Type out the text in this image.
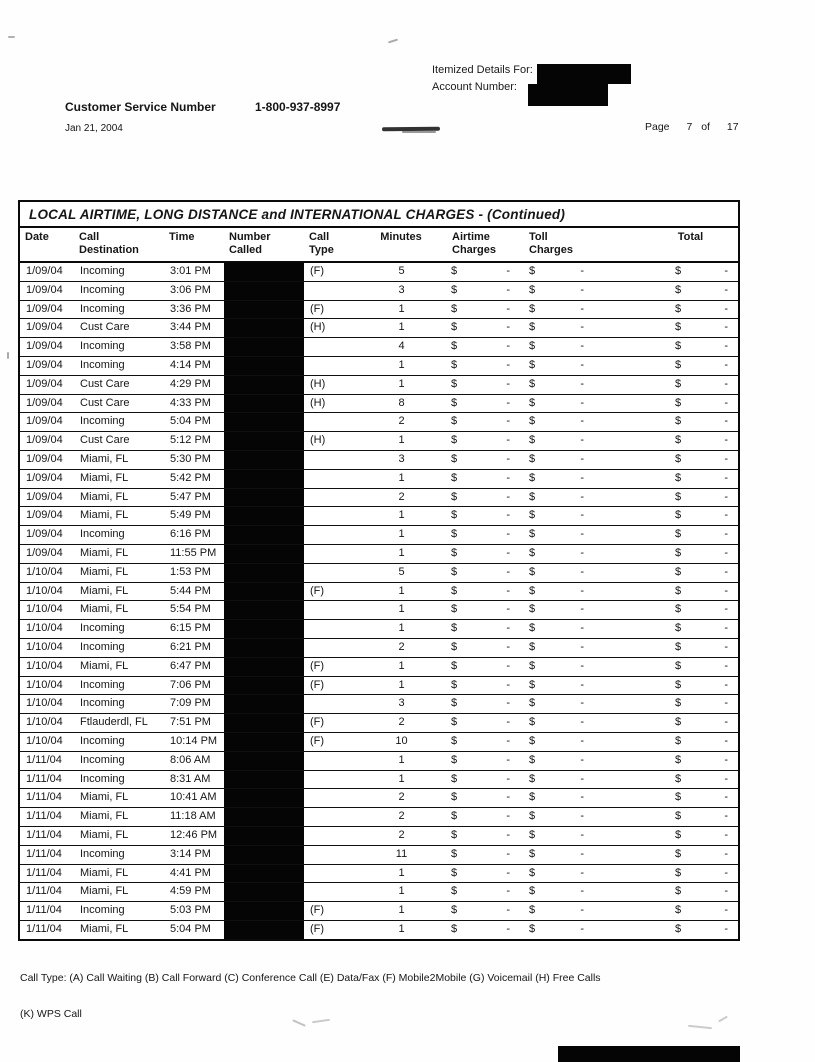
Itemized Details For:
Account Number:
Customer Service Number	1-800-937-8997
Jan 21, 2004	Page 7 of 17
LOCAL AIRTIME, LONG DISTANCE and INTERNATIONAL CHARGES - (Continued)
Date	Call Destination	Time	Number Called	Call Type	Minutes	Airtime Charges	Toll Charges	Total
1/09/04	Incoming	3:01 PM		(F)	5	$ -	$ -	$ -

1/09/04	Incoming	3:06 PM			3	$ -	$ -	$ -

1/09/04	Incoming	3:36 PM		(F)	1	$ -	$ -	$ -

1/09/04	Cust Care	3:44 PM		(H)	1	$ -	$ -	$ -

1/09/04	Incoming	3:58 PM			4	$ -	$ -	$ -

1/09/04	Incoming	4:14 PM			1	$ -	$ -	$ -

1/09/04	Cust Care	4:29 PM		(H)	1	$ -	$ -	$ -

1/09/04	Cust Care	4:33 PM		(H)	8	$ -	$ -	$ -

1/09/04	Incoming	5:04 PM			2	$ -	$ -	$ -

1/09/04	Cust Care	5:12 PM		(H)	1	$ -	$ -	$ -

1/09/04	Miami, FL	5:30 PM			3	$ -	$ -	$ -

1/09/04	Miami, FL	5:42 PM			1	$ -	$ -	$ -

1/09/04	Miami, FL	5:47 PM			2	$ -	$ -	$ -

1/09/04	Miami, FL	5:49 PM			1	$ -	$ -	$ -

1/09/04	Incoming	6:16 PM			1	$ -	$ -	$ -

1/09/04	Miami, FL	11:55 PM			1	$ -	$ -	$ -

1/10/04	Miami, FL	1:53 PM			5	$ -	$ -	$ -

1/10/04	Miami, FL	5:44 PM		(F)	1	$ -	$ -	$ -

1/10/04	Miami, FL	5:54 PM			1	$ -	$ -	$ -

1/10/04	Incoming	6:15 PM			1	$ -	$ -	$ -

1/10/04	Incoming	6:21 PM			2	$ -	$ -	$ -

1/10/04	Miami, FL	6:47 PM		(F)	1	$ -	$ -	$ -

1/10/04	Incoming	7:06 PM		(F)	1	$ -	$ -	$ -

1/10/04	Incoming	7:09 PM			3	$ -	$ -	$ -

1/10/04	Ftlauderdl, FL	7:51 PM		(F)	2	$ -	$ -	$ -

1/10/04	Incoming	10:14 PM		(F)	10	$ -	$ -	$ -

1/11/04	Incoming	8:06 AM			1	$ -	$ -	$ -

1/11/04	Incoming	8:31 AM			1	$ -	$ -	$ -

1/11/04	Miami, FL	10:41 AM			2	$ -	$ -	$ -

1/11/04	Miami, FL	11:18 AM			2	$ -	$ -	$ -

1/11/04	Miami, FL	12:46 PM			2	$ -	$ -	$ -

1/11/04	Incoming	3:14 PM			11	$ -	$ -	$ -

1/11/04	Miami, FL	4:41 PM			1	$ -	$ -	$ -

1/11/04	Miami, FL	4:59 PM			1	$ -	$ -	$ -

1/11/04	Incoming	5:03 PM		(F)	1	$ -	$ -	$ -

1/11/04	Miami, FL	5:04 PM		(F)	1	$ -	$ -	$ -
Call Type: (A) Call Waiting (B) Call Forward (C) Conference Call (E) Data/Fax (F) Mobile2Mobile (G) Voicemail (H) Free Calls
(K) WPS Call
